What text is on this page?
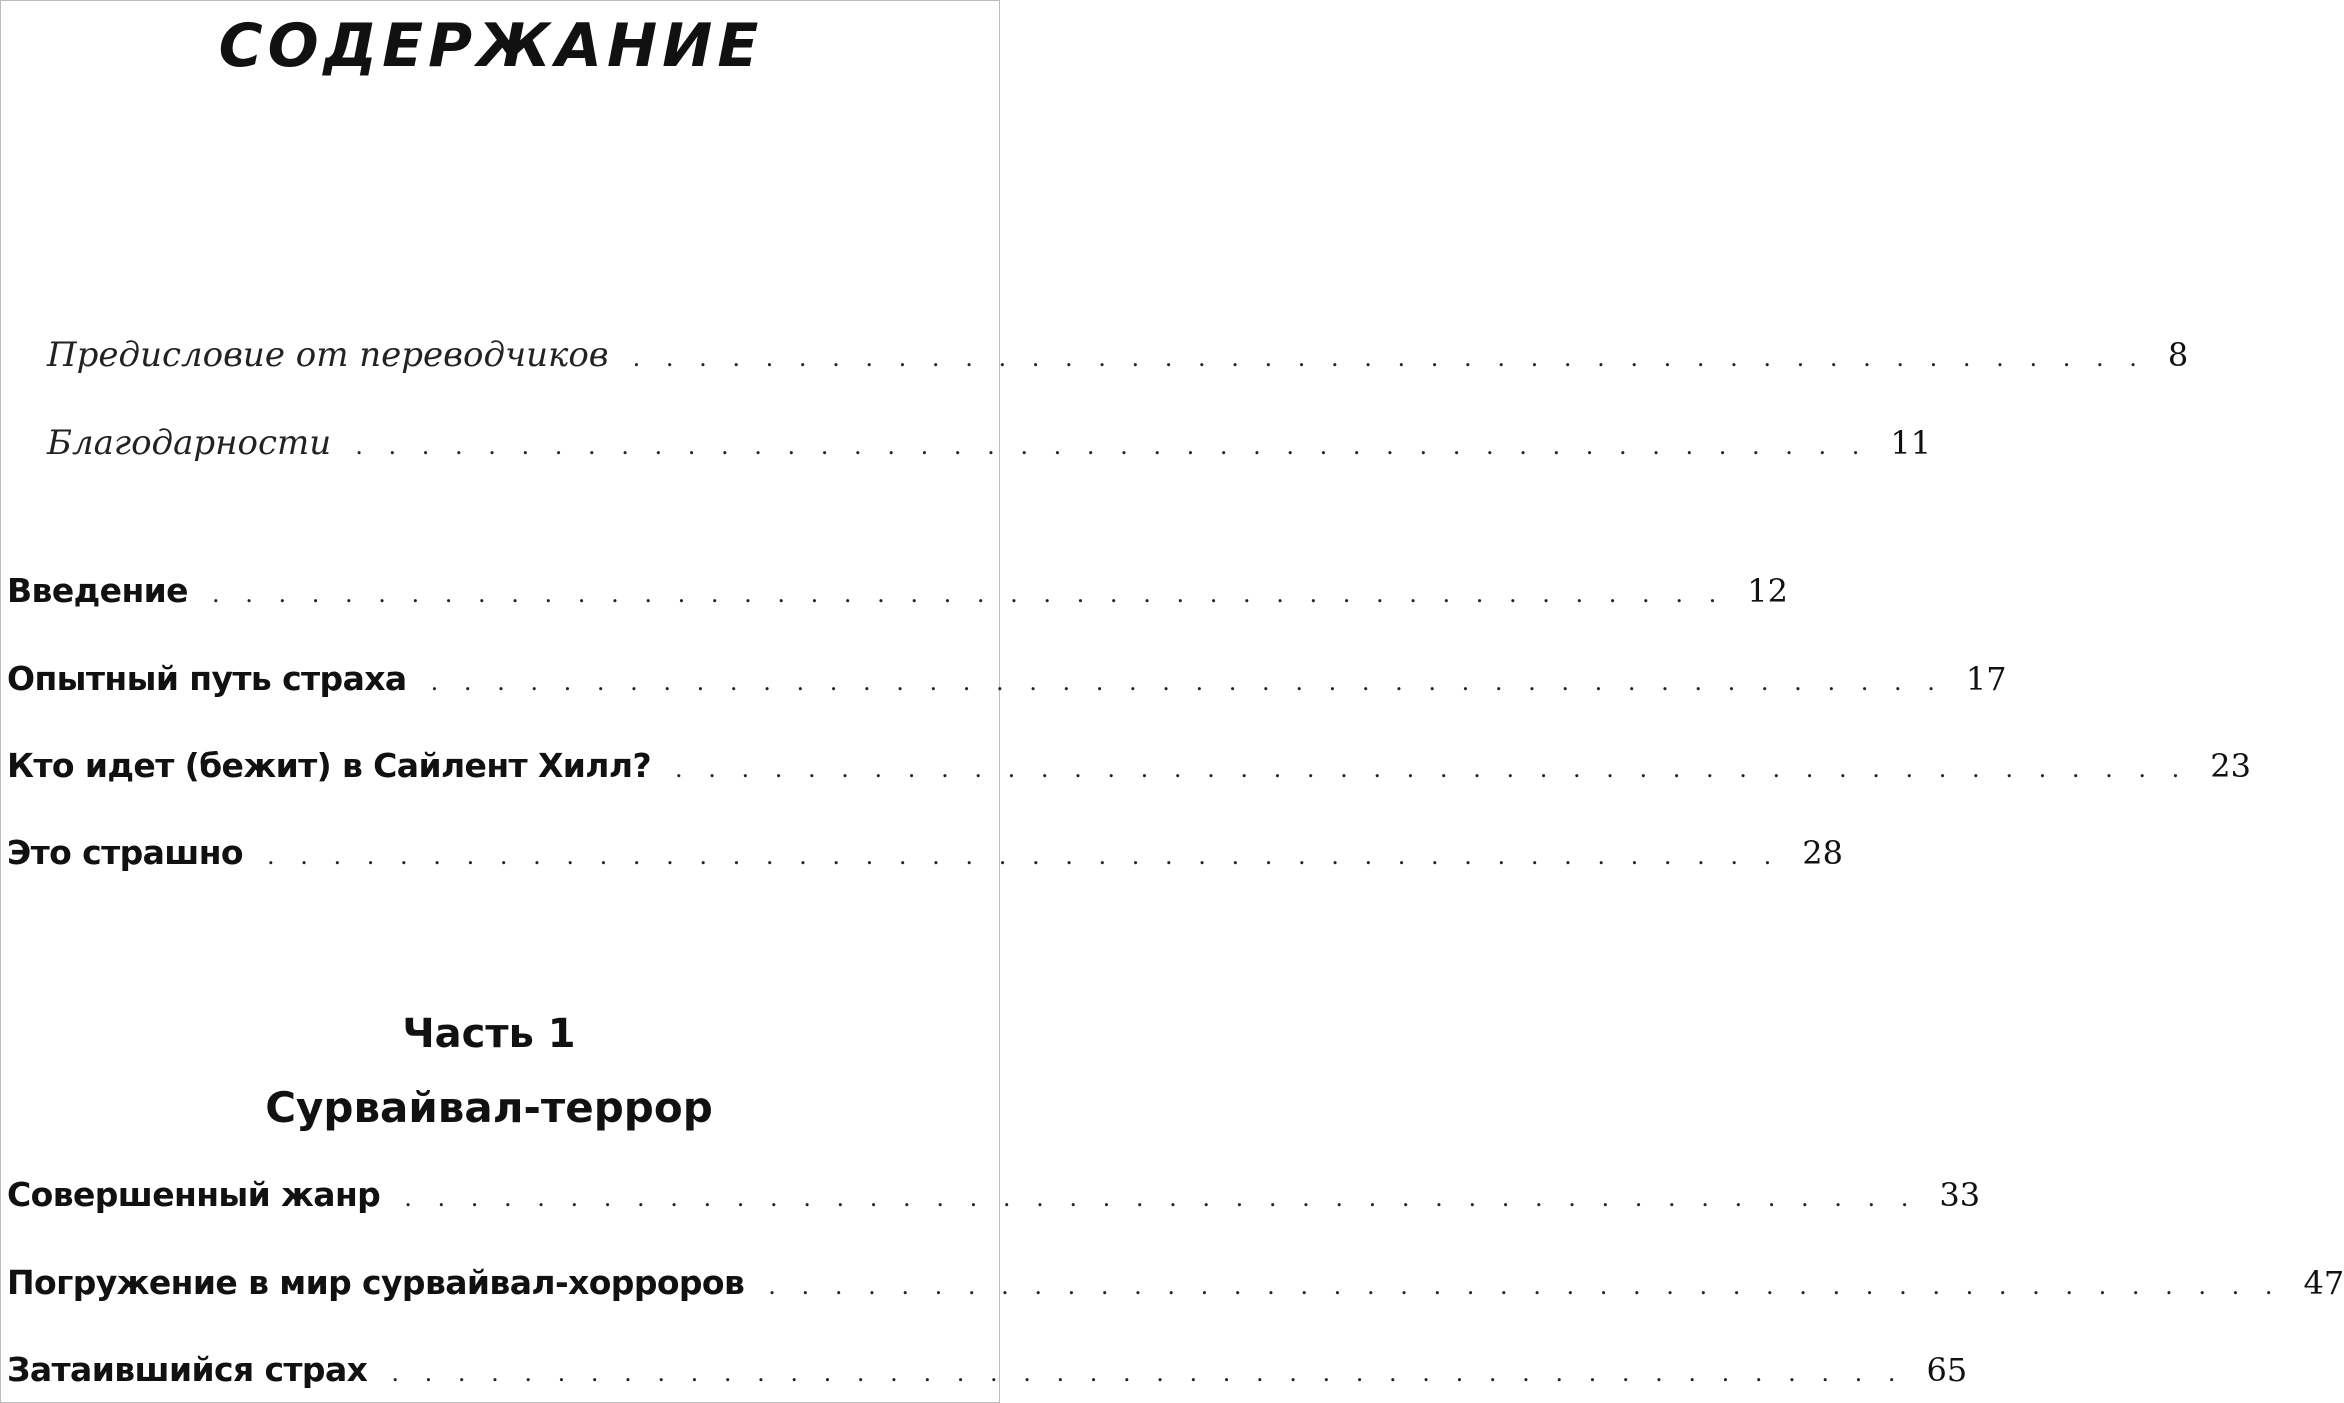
СОДЕРЖАНИЕ
Предисловие от переводчиков . . . . . . . . . . . . . . . . . . . . . . . . . . . . . . . . . . . . . . . . . . . . . . 8
Благодарности . . . . . . . . . . . . . . . . . . . . . . . . . . . . . . . . . . . . . . . . . . . . . . 11
Введение . . . . . . . . . . . . . . . . . . . . . . . . . . . . . . . . . . . . . . . . . . . . . . 12
Опытный путь страха . . . . . . . . . . . . . . . . . . . . . . . . . . . . . . . . . . . . . . . . . . . . . . 17
Кто идет (бежит) в Сайлент Хилл? . . . . . . . . . . . . . . . . . . . . . . . . . . . . . . . . . . . . . . . . . . . . . . 23
Это страшно . . . . . . . . . . . . . . . . . . . . . . . . . . . . . . . . . . . . . . . . . . . . . . 28
Часть 1
Сурвайвал-террор
Совершенный жанр . . . . . . . . . . . . . . . . . . . . . . . . . . . . . . . . . . . . . . . . . . . . . . 33
Погружение в мир сурвайвал-хорроров . . . . . . . . . . . . . . . . . . . . . . . . . . . . . . . . . . . . . . . . . . . . . . 47
Затаившийся страх . . . . . . . . . . . . . . . . . . . . . . . . . . . . . . . . . . . . . . . . . . . . . . 65
